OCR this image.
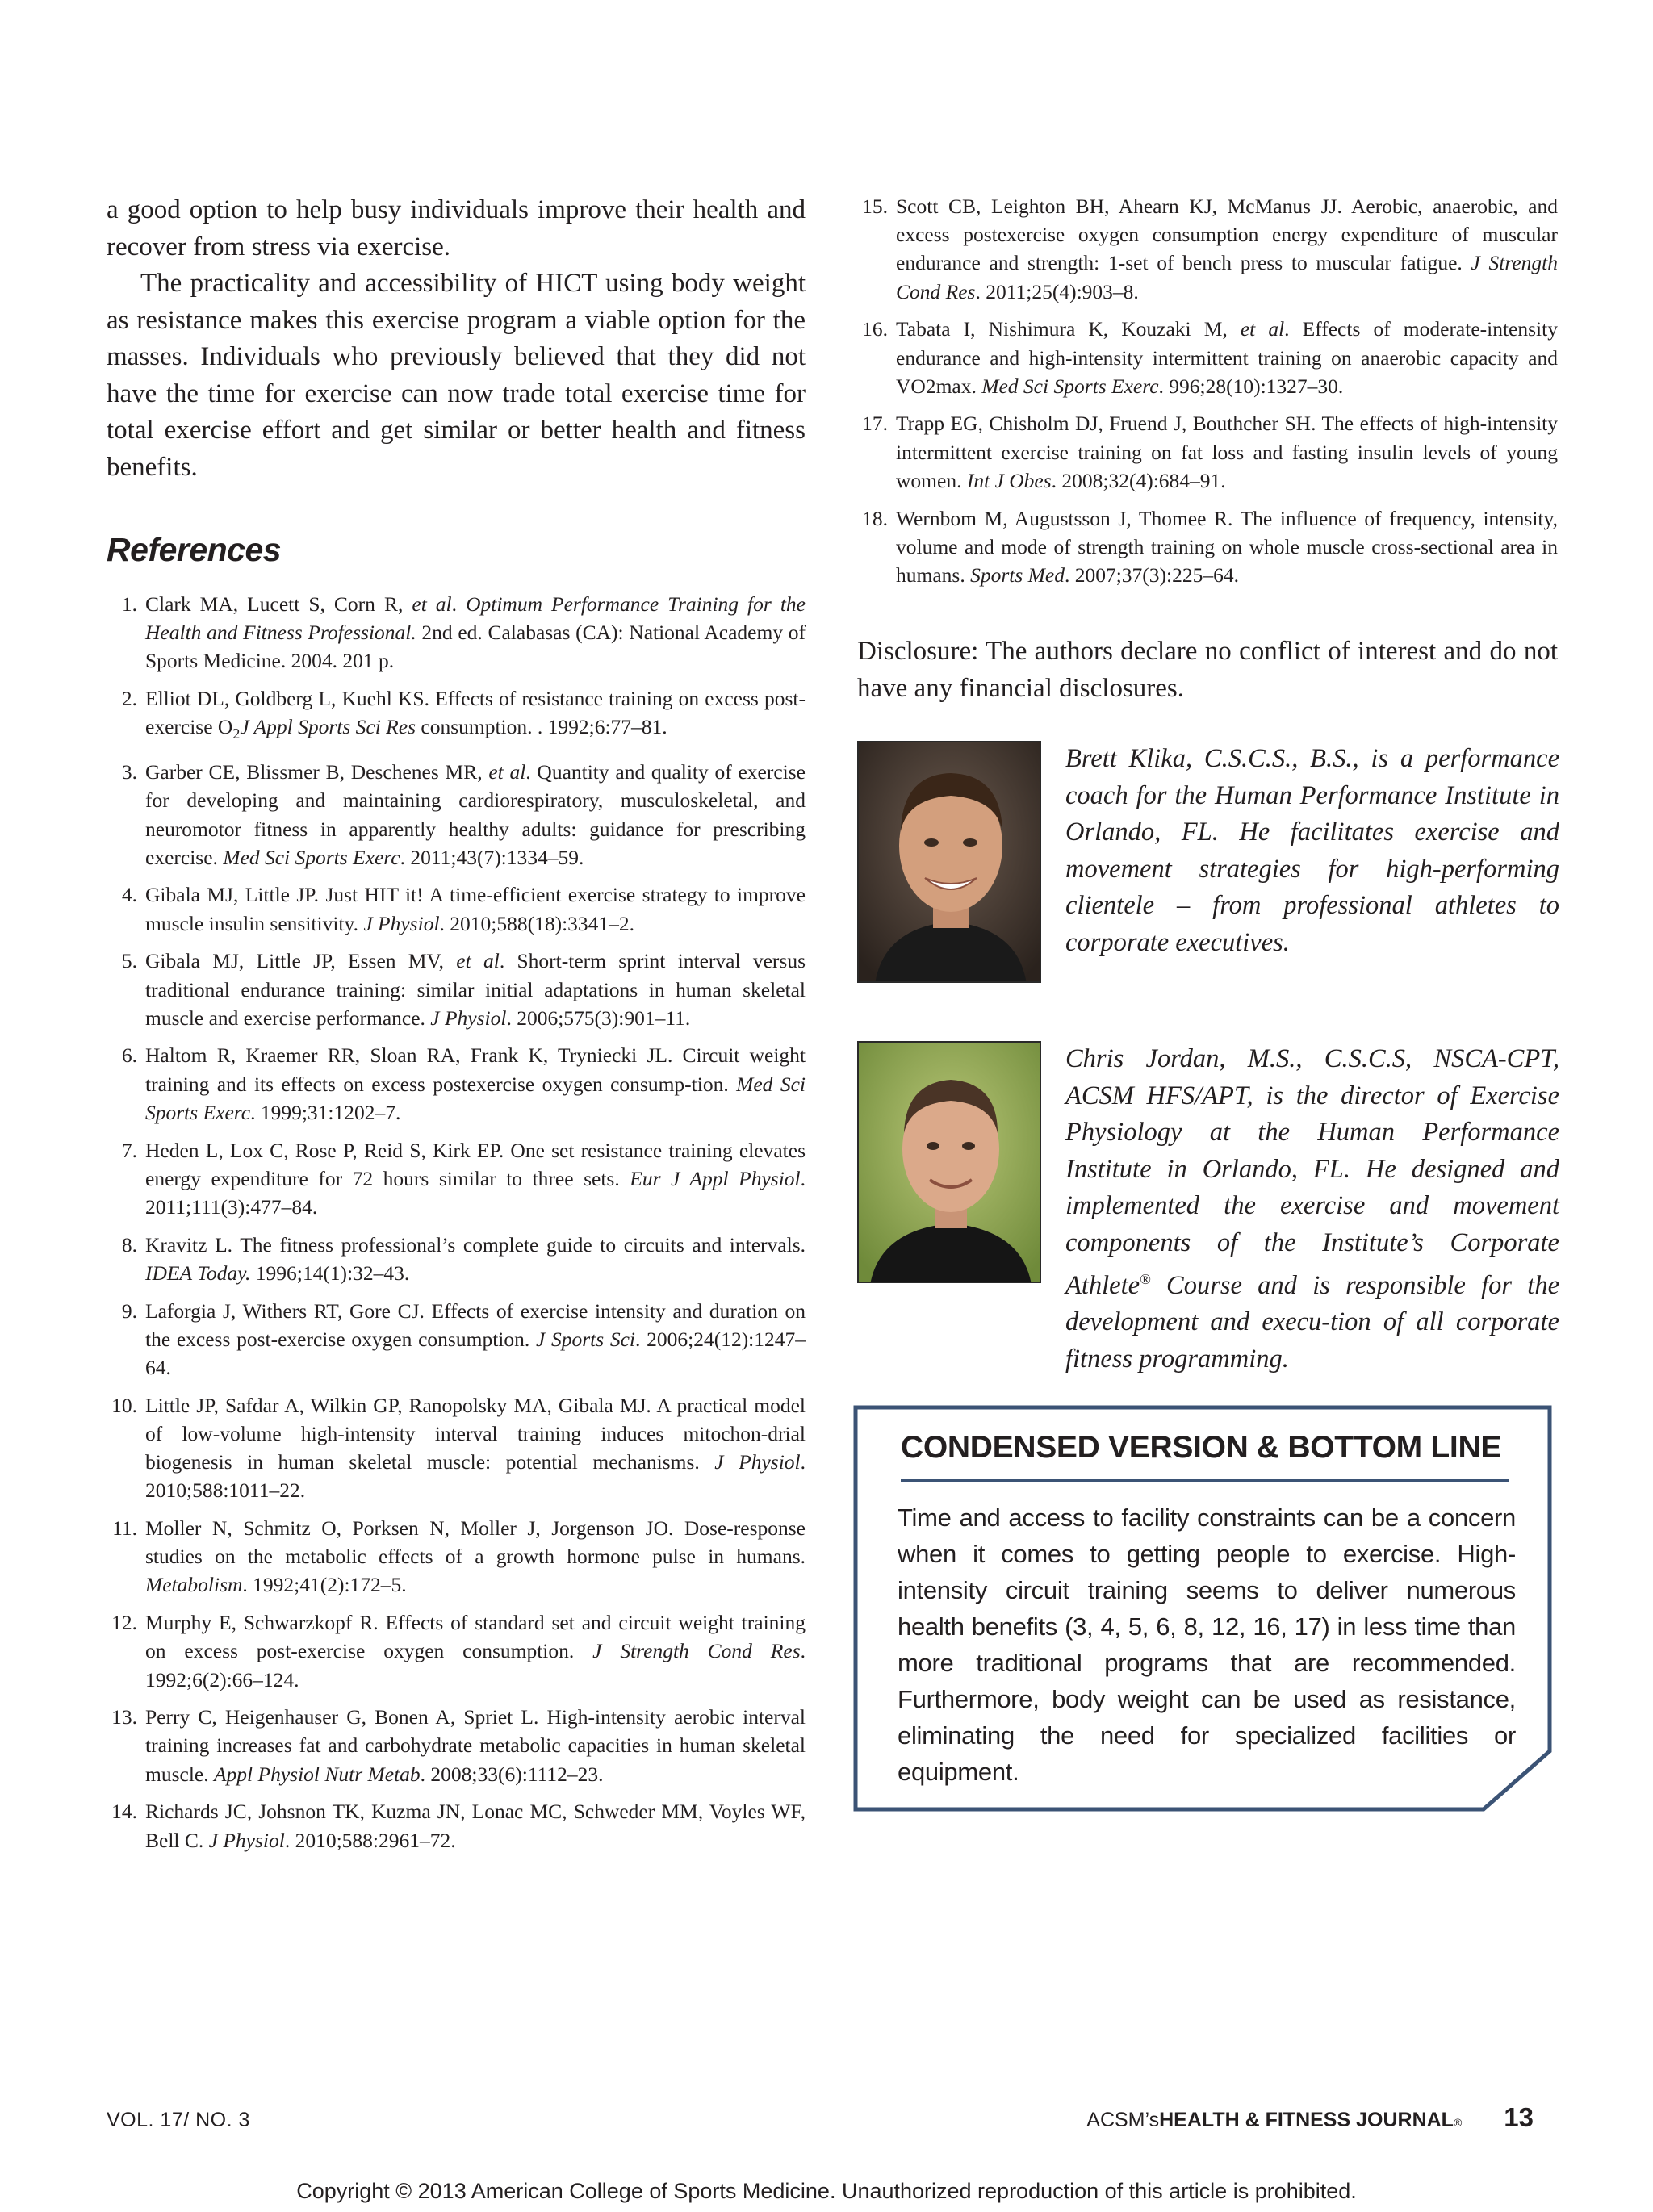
a good option to help busy individuals improve their health and recover from stress via exercise.

The practicality and accessibility of HICT using body weight as resistance makes this exercise program a viable option for the masses. Individuals who previously believed that they did not have the time for exercise can now trade total exercise time for total exercise effort and get similar or better health and fitness benefits.

References
1. Clark MA, Lucett S, Corn R, et al. Optimum Performance Training for the Health and Fitness Professional. 2nd ed. Calabasas (CA): National Academy of Sports Medicine. 2004. 201 p.
2. Elliot DL, Goldberg L, Kuehl KS. Effects of resistance training on excess post-exercise $O_2J$ Appl Sports Sci Res consumption. . 1992;6:77–81.
3. Garber CE, Blissmer B, Deschenes MR, et al. Quantity and quality of exercise for developing and maintaining cardiorespiratory, musculoskeletal, and neuromotor fitness in apparently healthy adults: guidance for prescribing exercise. Med Sci Sports Exerc. 2011;43(7):1334–59.
4. Gibala MJ, Little JP. Just HIT it! A time-efficient exercise strategy to improve muscle insulin sensitivity. J Physiol. 2010;588(18):3341–2.
5. Gibala MJ, Little JP, Essen MV, et al. Short-term sprint interval versus traditional endurance training: similar initial adaptations in human skeletal muscle and exercise performance. J Physiol. 2006;575(3):901–11.
6. Haltom R, Kraemer RR, Sloan RA, Frank K, Tryniecki JL. Circuit weight training and its effects on excess postexercise oxygen consump-tion. Med Sci Sports Exerc. 1999;31:1202–7.
7. Heden L, Lox C, Rose P, Reid S, Kirk EP. One set resistance training elevates energy expenditure for 72 hours similar to three sets. Eur J Appl Physiol. 2011;111(3):477–84.
8. Kravitz L. The fitness professional’s complete guide to circuits and intervals. IDEA Today. 1996;14(1):32–43.
9. Laforgia J, Withers RT, Gore CJ. Effects of exercise intensity and duration on the excess post-exercise oxygen consumption. J Sports Sci. 2006;24(12):1247–64.
10. Little JP, Safdar A, Wilkin GP, Ranopolsky MA, Gibala MJ. A practical model of low-volume high-intensity interval training induces mitochon-drial biogenesis in human skeletal muscle: potential mechanisms. J Physiol. 2010;588:1011–22.
11. Moller N, Schmitz O, Porksen N, Moller J, Jorgenson JO. Dose-response studies on the metabolic effects of a growth hormone pulse in humans. Metabolism. 1992;41(2):172–5.
12. Murphy E, Schwarzkopf R. Effects of standard set and circuit weight training on excess post-exercise oxygen consumption. J Strength Cond Res. 1992;6(2):66–124.
13. Perry C, Heigenhauser G, Bonen A, Spriet L. High-intensity aerobic interval training increases fat and carbohydrate metabolic capacities in human skeletal muscle. Appl Physiol Nutr Metab. 2008;33(6):1112–23.
14. Richards JC, Johsnon TK, Kuzma JN, Lonac MC, Schweder MM, Voyles WF, Bell C. J Physiol. 2010;588:2961–72.
15. Scott CB, Leighton BH, Ahearn KJ, McManus JJ. Aerobic, anaerobic, and excess postexercise oxygen consumption energy expenditure of muscular endurance and strength: 1-set of bench press to muscular fatigue. J Strength Cond Res. 2011;25(4):903–8.
16. Tabata I, Nishimura K, Kouzaki M, et al. Effects of moderate-intensity endurance and high-intensity intermittent training on anaerobic capacity and VO2max. Med Sci Sports Exerc. 996;28(10):1327–30.
17. Trapp EG, Chisholm DJ, Fruend J, Bouthcher SH. The effects of high-intensity intermittent exercise training on fat loss and fasting insulin levels of young women. Int J Obes. 2008;32(4):684–91.
18. Wernbom M, Augustsson J, Thomee R. The influence of frequency, intensity, volume and mode of strength training on whole muscle cross-sectional area in humans. Sports Med. 2007;37(3):225–64.

Disclosure: The authors declare no conflict of interest and do not have any financial disclosures.

Brett Klika, C.S.C.S., B.S., is a performance coach for the Human Performance Institute in Orlando, FL. He facilitates exercise and movement strategies for high-performing clientele – from professional athletes to corporate executives.

Chris Jordan, M.S., C.S.C.S, NSCA-CPT, ACSM HFS/APT, is the director of Exercise Physiology at the Human Performance Institute in Orlando, FL. He designed and implemented the exercise and movement components of the Institute’s Corporate Athlete® Course and is responsible for the development and execu-tion of all corporate fitness programming.

CONDENSED VERSION & BOTTOM LINE
Time and access to facility constraints can be a concern when it comes to getting people to exercise. High-intensity circuit training seems to deliver numerous health benefits (3, 4, 5, 6, 8, 12, 16, 17) in less time than more traditional programs that are recommended. Furthermore, body weight can be used as resistance, eliminating the need for specialized facilities or equipment.
VOL. 17/ NO. 3	ACSM’s HEALTH & FITNESS JOURNAL ® 13
Copyright © 2013 American College of Sports Medicine. Unauthorized reproduction of this article is prohibited.
